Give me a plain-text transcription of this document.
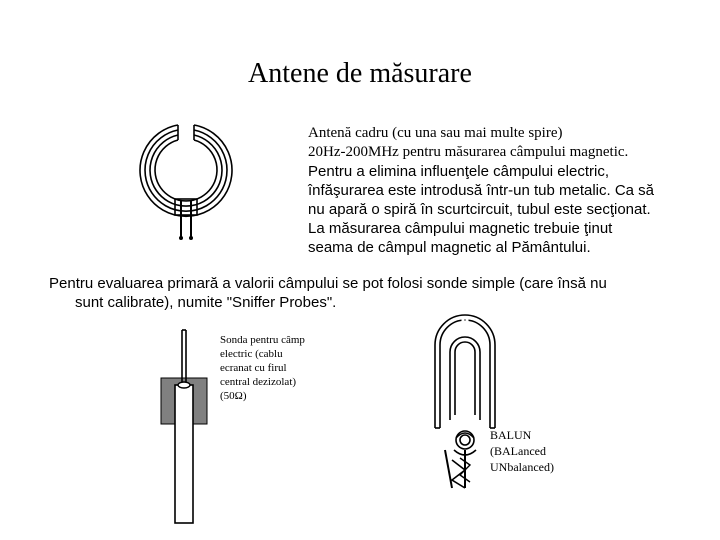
Antene de măsurare
Antenă cadru (cu una sau mai multe spire)
20Hz-200MHz pentru măsurarea câmpului magnetic.
Pentru a elimina influenţele câmpului electric,
înfăşurarea este introdusă într-un tub metalic. Ca să
nu apară o spiră în scurtcircuit, tubul este secţionat.
La măsurarea câmpului magnetic trebuie ţinut
seama de câmpul magnetic al Pământului.
Pentru evaluarea primară a valorii câmpului se pot folosi sonde simple (care însă nu
sunt calibrate), numite "Sniffer Probes".
Sonda pentru câmp
electric (cablu
ecranat cu firul
central dezizolat)
(50Ω)
BALUN
(BALanced
UNbalanced)
